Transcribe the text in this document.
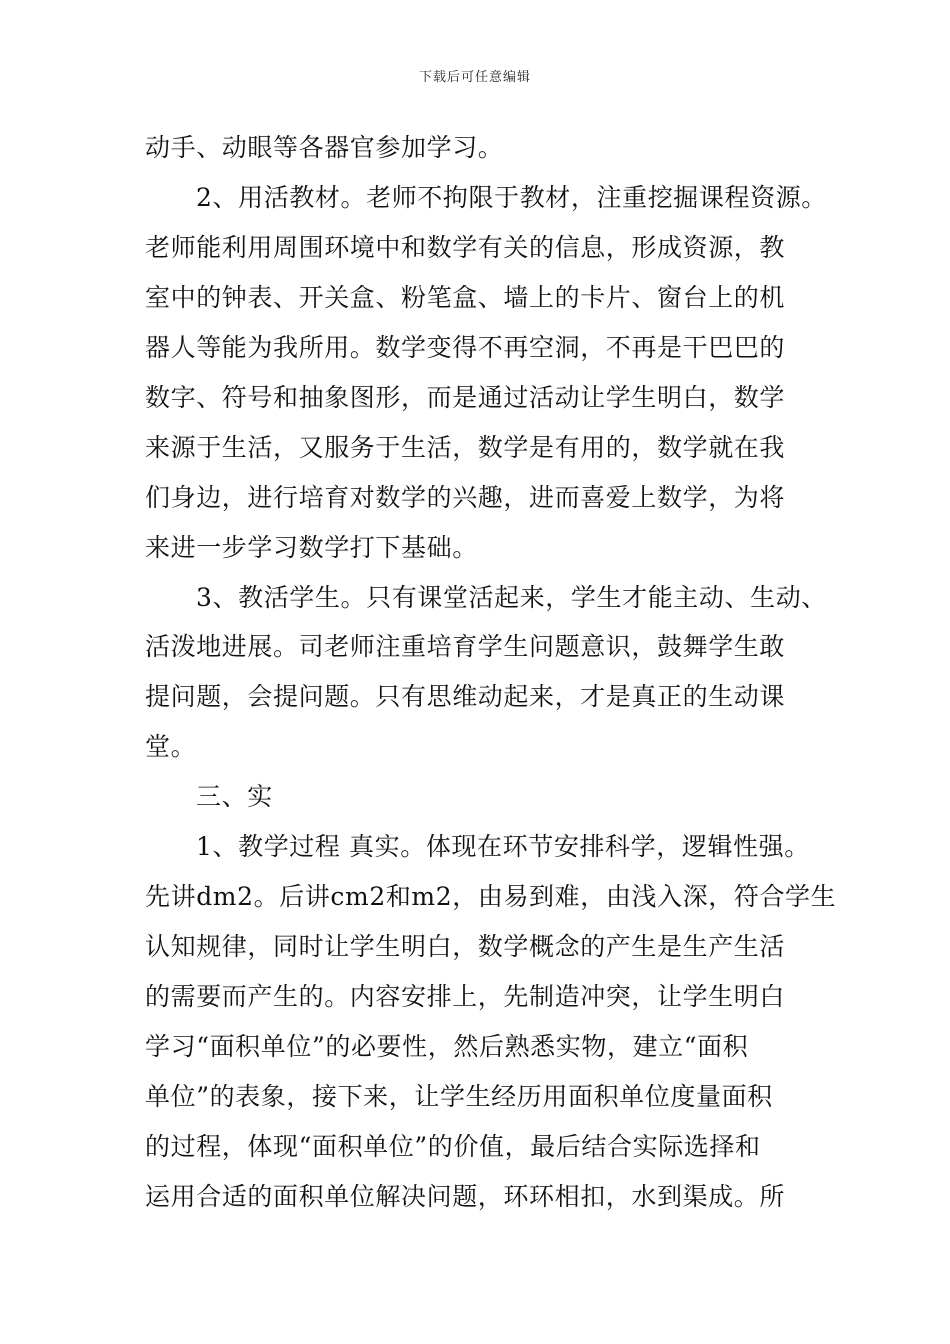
下载后可任意编辑
动手、动眼等各器官参加学习。
2、用活教材。老师不拘限于教材，注重挖掘课程资源。
老师能利用周围环境中和数学有关的信息，形成资源，教
室中的钟表、开关盒、粉笔盒、墙上的卡片、窗台上的机
器人等能为我所用。数学变得不再空洞，不再是干巴巴的
数字、符号和抽象图形，而是通过活动让学生明白，数学
来源于生活，又服务于生活，数学是有用的，数学就在我
们身边，进行培育对数学的兴趣，进而喜爱上数学，为将
来进一步学习数学打下基础。
3、教活学生。只有课堂活起来，学生才能主动、生动、
活泼地进展。司老师注重培育学生问题意识，鼓舞学生敢
提问题，会提问题。只有思维动起来，才是真正的生动课
堂。
三、实
1、教学过程 真实。体现在环节安排科学，逻辑性强。
先讲dm2。后讲cm2和m2，由易到难，由浅入深，符合学生
认知规律，同时让学生明白，数学概念的产生是生产生活
的需要而产生的。内容安排上，先制造冲突，让学生明白
学习“面积单位”的必要性，然后熟悉实物，建立“面积
单位”的表象，接下来，让学生经历用面积单位度量面积
的过程，体现“面积单位”的价值，最后结合实际选择和
运用合适的面积单位解决问题，环环相扣，水到渠成。所
